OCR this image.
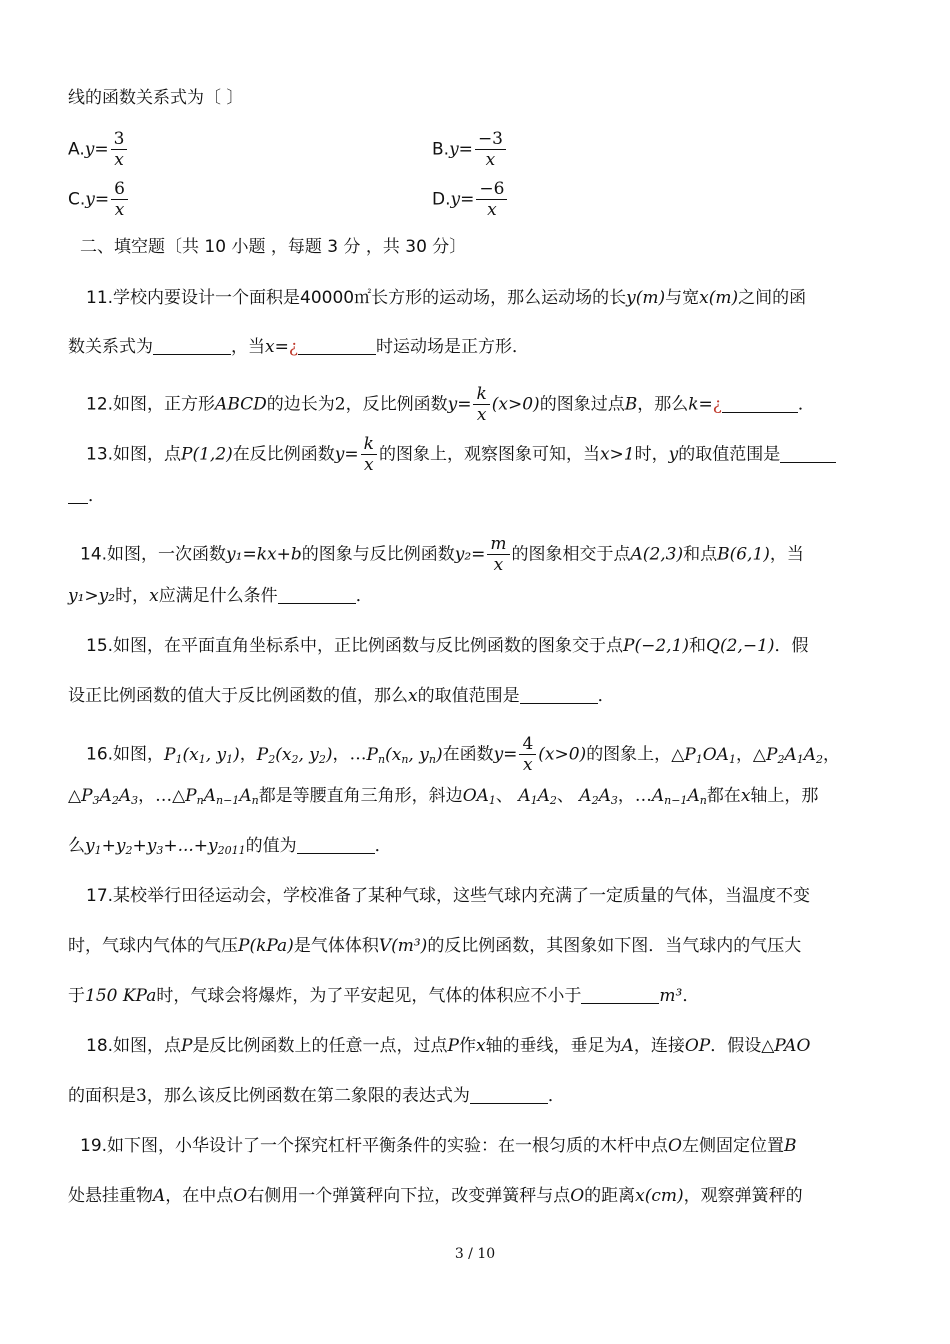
线的函数关系式为〔 〕
$A.y= \frac{3}{x}$	$B.y= \frac{-3}{x}$
$C.y= \frac{6}{x}$	$D.y= \frac{-6}{x}$
二、填空题〔共 10 小题 ，每题 3 分 ，共 30 分〕
11.学校内要设计一个面积是40000㎡长方形的运动场，那么运动场的长y(m)与宽x(m)之间的函
数关系式为	，当x=¿	时运动场是正方形．
12.如图，正方形ABCD的边长为2，反比例函数$y= \frac{k}{x} (x>0)$的图象过点B，那么k=¿	．
13.如图，点P(1,2)在反比例函数$y= \frac{k}{x}$ 的图象上，观察图象可知，当x>1时，y的取值范围是
．
14.如图，一次函数y₁=kx+b的图象与反比例函数$y_2= \frac{m}{x}$ 的图象相交于点A(2,3)和点B(6,1)，当
y₁>y₂时，x应满足什么条件	．
15.如图，在平面直角坐标系中，正比例函数与反比例函数的图象交于点P(−2,1)和Q(2,−1)．假
设正比例函数的值大于反比例函数的值，那么x的取值范围是	．
16.如图，P1(x1, y1)，P2(x2, y2)，$\dots P_n(x_n$, $y_n$)在函数$y= \frac{4}{x} (x>0)$的图象上，△P1OA1，△P2A1A2，
△P3A2A3，$\dots\triangle P_nA_{n-1}A_n$都是等腰直角三角形，斜边OA1、 A1A2、 A2A3，$\dots A_{n-1}A_n$都在x轴上，那
么y1+y2+y3+...+y2011的值为	．
17.某校举行田径运动会，学校准备了某种气球，这些气球内充满了一定质量的气体，当温度不变
时，气球内气体的气压P(kPa)是气体体积V(m³)的反比例函数，其图象如下图．当气球内的气压大
于150 KPa时，气球会将爆炸，为了平安起见，气体的体积应不小于	m³．
18.如图，点P是反比例函数上的任意一点，过点P作x轴的垂线，垂足为A，连接OP．假设△PAO
的面积是3，那么该反比例函数在第二象限的表达式为	．
19.如下图，小华设计了一个探究杠杆平衡条件的实验：在一根匀质的木杆中点O左侧固定位置B
处悬挂重物A，在中点O右侧用一个弹簧秤向下拉，改变弹簧秤与点O的距离x(cm)，观察弹簧秤的
3 / 10
